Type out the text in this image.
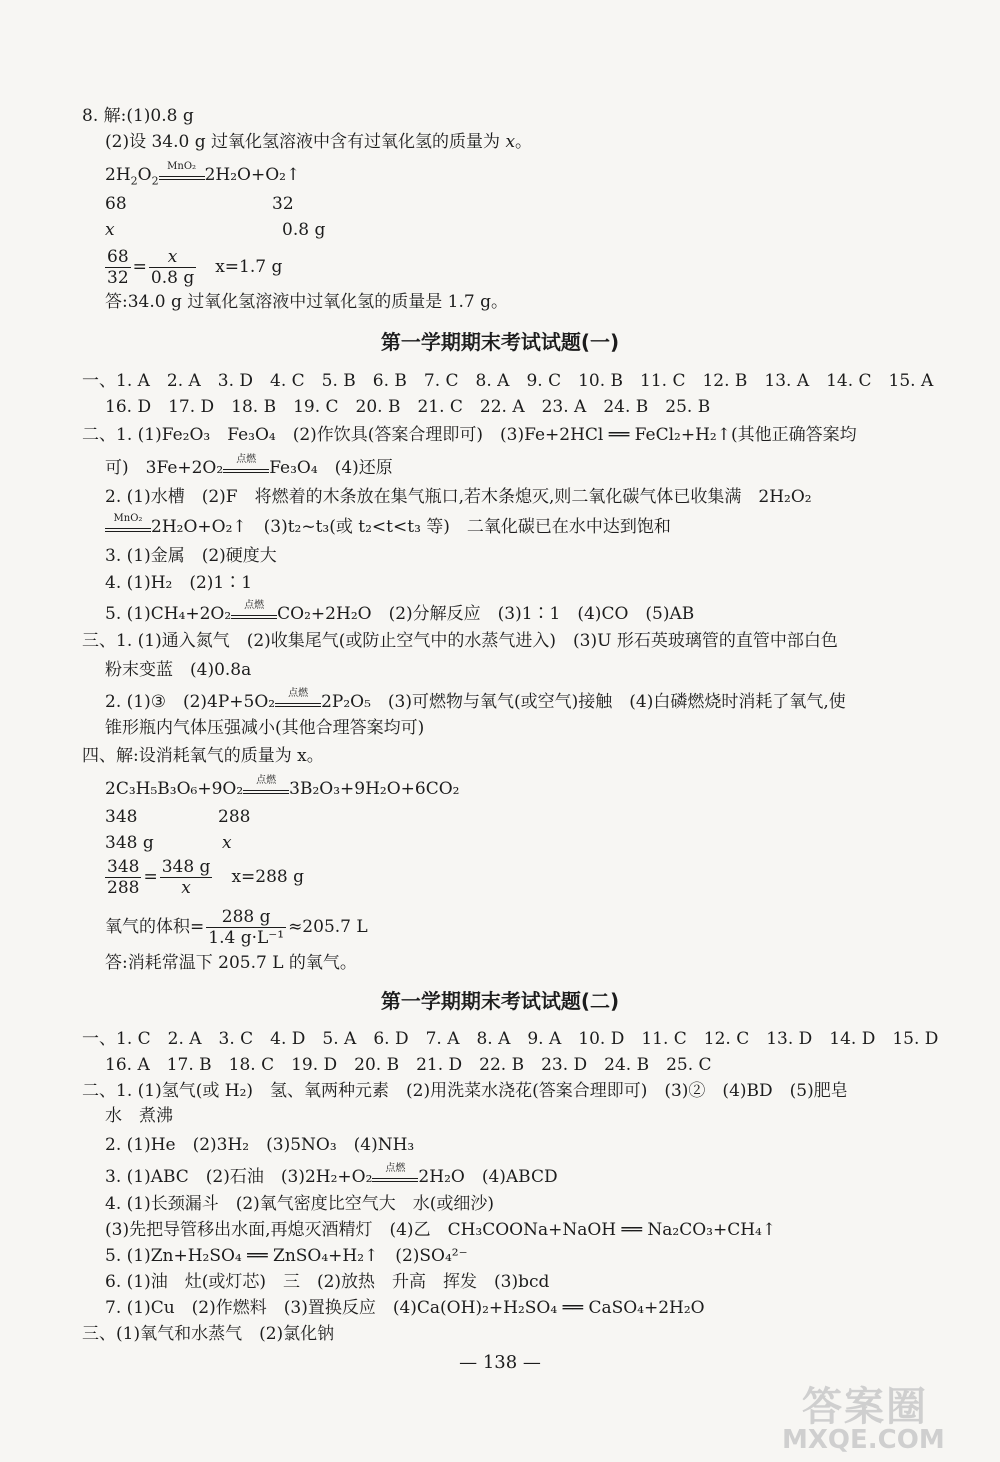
8. 解:(1)0.8 g
(2)设 34.0 g 过氧化氢溶液中含有过氧化氢的质量为 x。
$2H_2O_2$
MnO₂ 2H₂O+O₂↑
68	32
x	0.8 g
$\frac{68}{32} = \frac{x}{0.8 g}$
　 x=1.7 g
答:34.0 g 过氧化氢溶液中过氧化氢的质量是 1.7 g。
第一学期期末考试试题(一)
一、1. A　2. A　3. D　4. C　5. B　6. B　7. C　8. A　9. C　10. B　11. C　12. B　13. A　14. C　15. A
16. D　17. D　18. B　19. C　20. B　21. C　22. A　23. A　24. B　25. B
二、1. (1)Fe₂O₃　Fe₃O₄　(2)作饮具(答案合理即可)　(3)Fe+2HCl ══ FeCl₂+H₂↑(其他正确答案均
可)　3Fe+2O₂	点燃 Fe₃O₄　(4)还原
2. (1)水槽　(2)F　将燃着的木条放在集气瓶口,若木条熄灭,则二氧化碳气体已收集满　2H₂O₂
MnO₂ 2H₂O+O₂↑　(3)t₂~t₃(或 t₂<t<t₃ 等)　二氧化碳已在水中达到饱和
3. (1)金属　(2)硬度大
4. (1)H₂　(2)1∶1
5. (1)CH₄+2O₂	点燃 CO₂+2H₂O　(2)分解反应　(3)1∶1　(4)CO　(5)AB
三、1. (1)通入氮气　(2)收集尾气(或防止空气中的水蒸气进入)　(3)U 形石英玻璃管的直管中部白色
粉末变蓝　(4)0.8a
2. (1)③　(2)4P+5O₂	点燃 2P₂O₅　(3)可燃物与氧气(或空气)接触　(4)白磷燃烧时消耗了氧气,使
锥形瓶内气体压强减小(其他合理答案均可)
四、解:设消耗氧气的质量为 x。
2C₃H₅B₃O₆+9O₂	点燃 3B₂O₃+9H₂O+6CO₂
348	288
348 g	x
$\frac{348}{288} = \frac{348 g}{x}$
　 x=288 g
氧气的体积= $\frac{288 g}{\text{1.4 g·L⁻¹}} \approx 205.7$ L
答:消耗常温下 205.7 L 的氧气。
第一学期期末考试试题(二)
一、1. C　2. A　3. C　4. D　5. A　6. D　7. A　8. A　9. A　10. D　11. C　12. C　13. D　14. D　15. D
16. A　17. B　18. C　19. D　20. B　21. D　22. B　23. D　24. B　25. C
二、1. (1)氢气(或 H₂)　氢、氧两种元素　(2)用洗菜水浇花(答案合理即可)　(3)②　(4)BD　(5)肥皂
水　煮沸
2. (1)He　(2)3H₂　(3)5NO₃　(4)NH₃
3. (1)ABC　(2)石油　(3)2H₂+O₂	点燃 2H₂O　(4)ABCD
4. (1)长颈漏斗　(2)氧气密度比空气大　水(或细沙)
(3)先把导管移出水面,再熄灭酒精灯　(4)乙　CH₃COONa+NaOH ══ Na₂CO₃+CH₄↑
5. (1)Zn+H₂SO₄ ══ ZnSO₄+H₂↑　(2)SO₄²⁻
6. (1)油　灶(或灯芯)　三　(2)放热　升高　挥发　(3)bcd
7. (1)Cu　(2)作燃料　(3)置换反应　(4)Ca(OH)₂+H₂SO₄ ══ CaSO₄+2H₂O
三、(1)氧气和水蒸气　(2)氯化钠
— 138 —
答案圈
MXQE.COM
